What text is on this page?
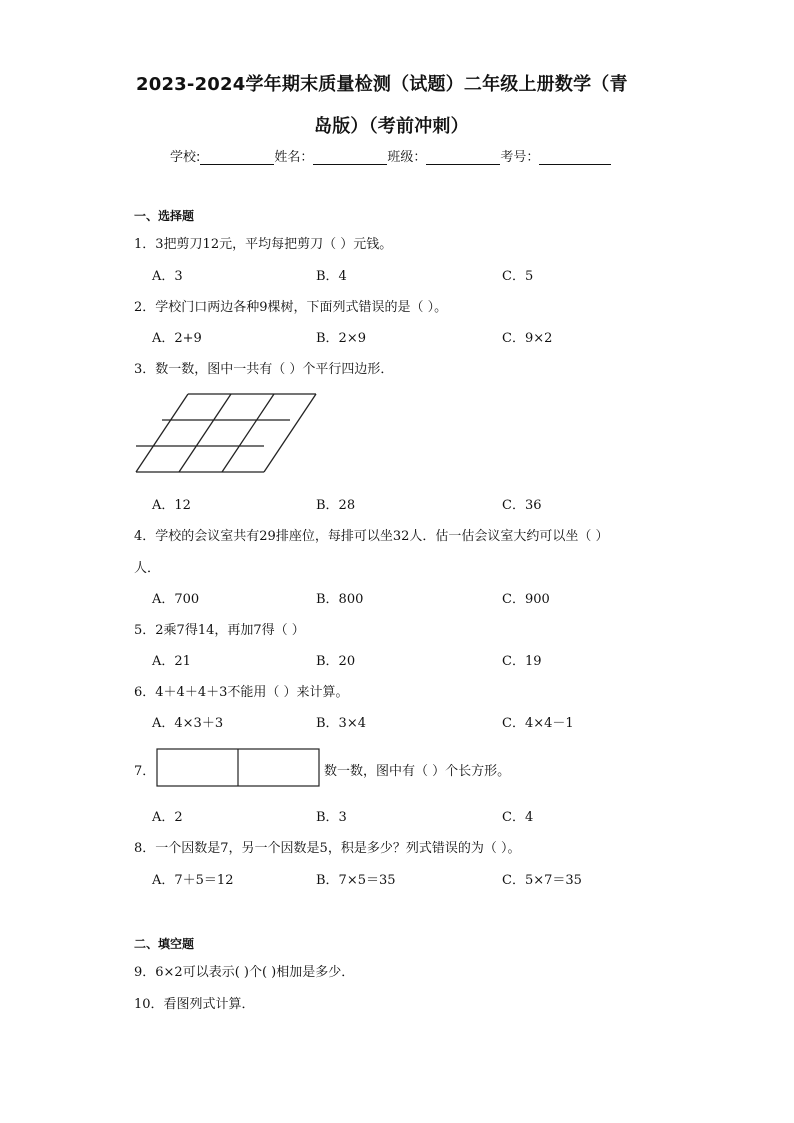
2023-2024学年期末质量检测（试题）二年级上册数学（青
岛版）（考前冲刺）
学校:	姓名：	班级：	考号：
一、选择题
1．3把剪刀12元，平均每把剪刀（ ）元钱。
A．3	B．4	C．5
2．学校门口两边各种9棵树，下面列式错误的是（ ）。
A．2+9	B．2×9	C．9×2
3．数一数，图中一共有（ ）个平行四边形．
A．12	B．28	C．36
4．学校的会议室共有29排座位，每排可以坐32人．估一估会议室大约可以坐（ ）
人．
A．700	B．800	C．900
5．2乘7得14，再加7得（ ）
A．21	B．20	C．19
6．4＋4＋4＋3不能用（ ）来计算。
A．4×3＋3	B．3×4	C．4×4－1
7．	数一数，图中有（ ）个长方形。
A．2	B．3	C．4
8．一个因数是7，另一个因数是5，积是多少？列式错误的为（ ）。
A．7＋5＝12	B．7×5＝35	C．5×7＝35
二、填空题
9．6×2可以表示( )个( )相加是多少．
10．看图列式计算．
